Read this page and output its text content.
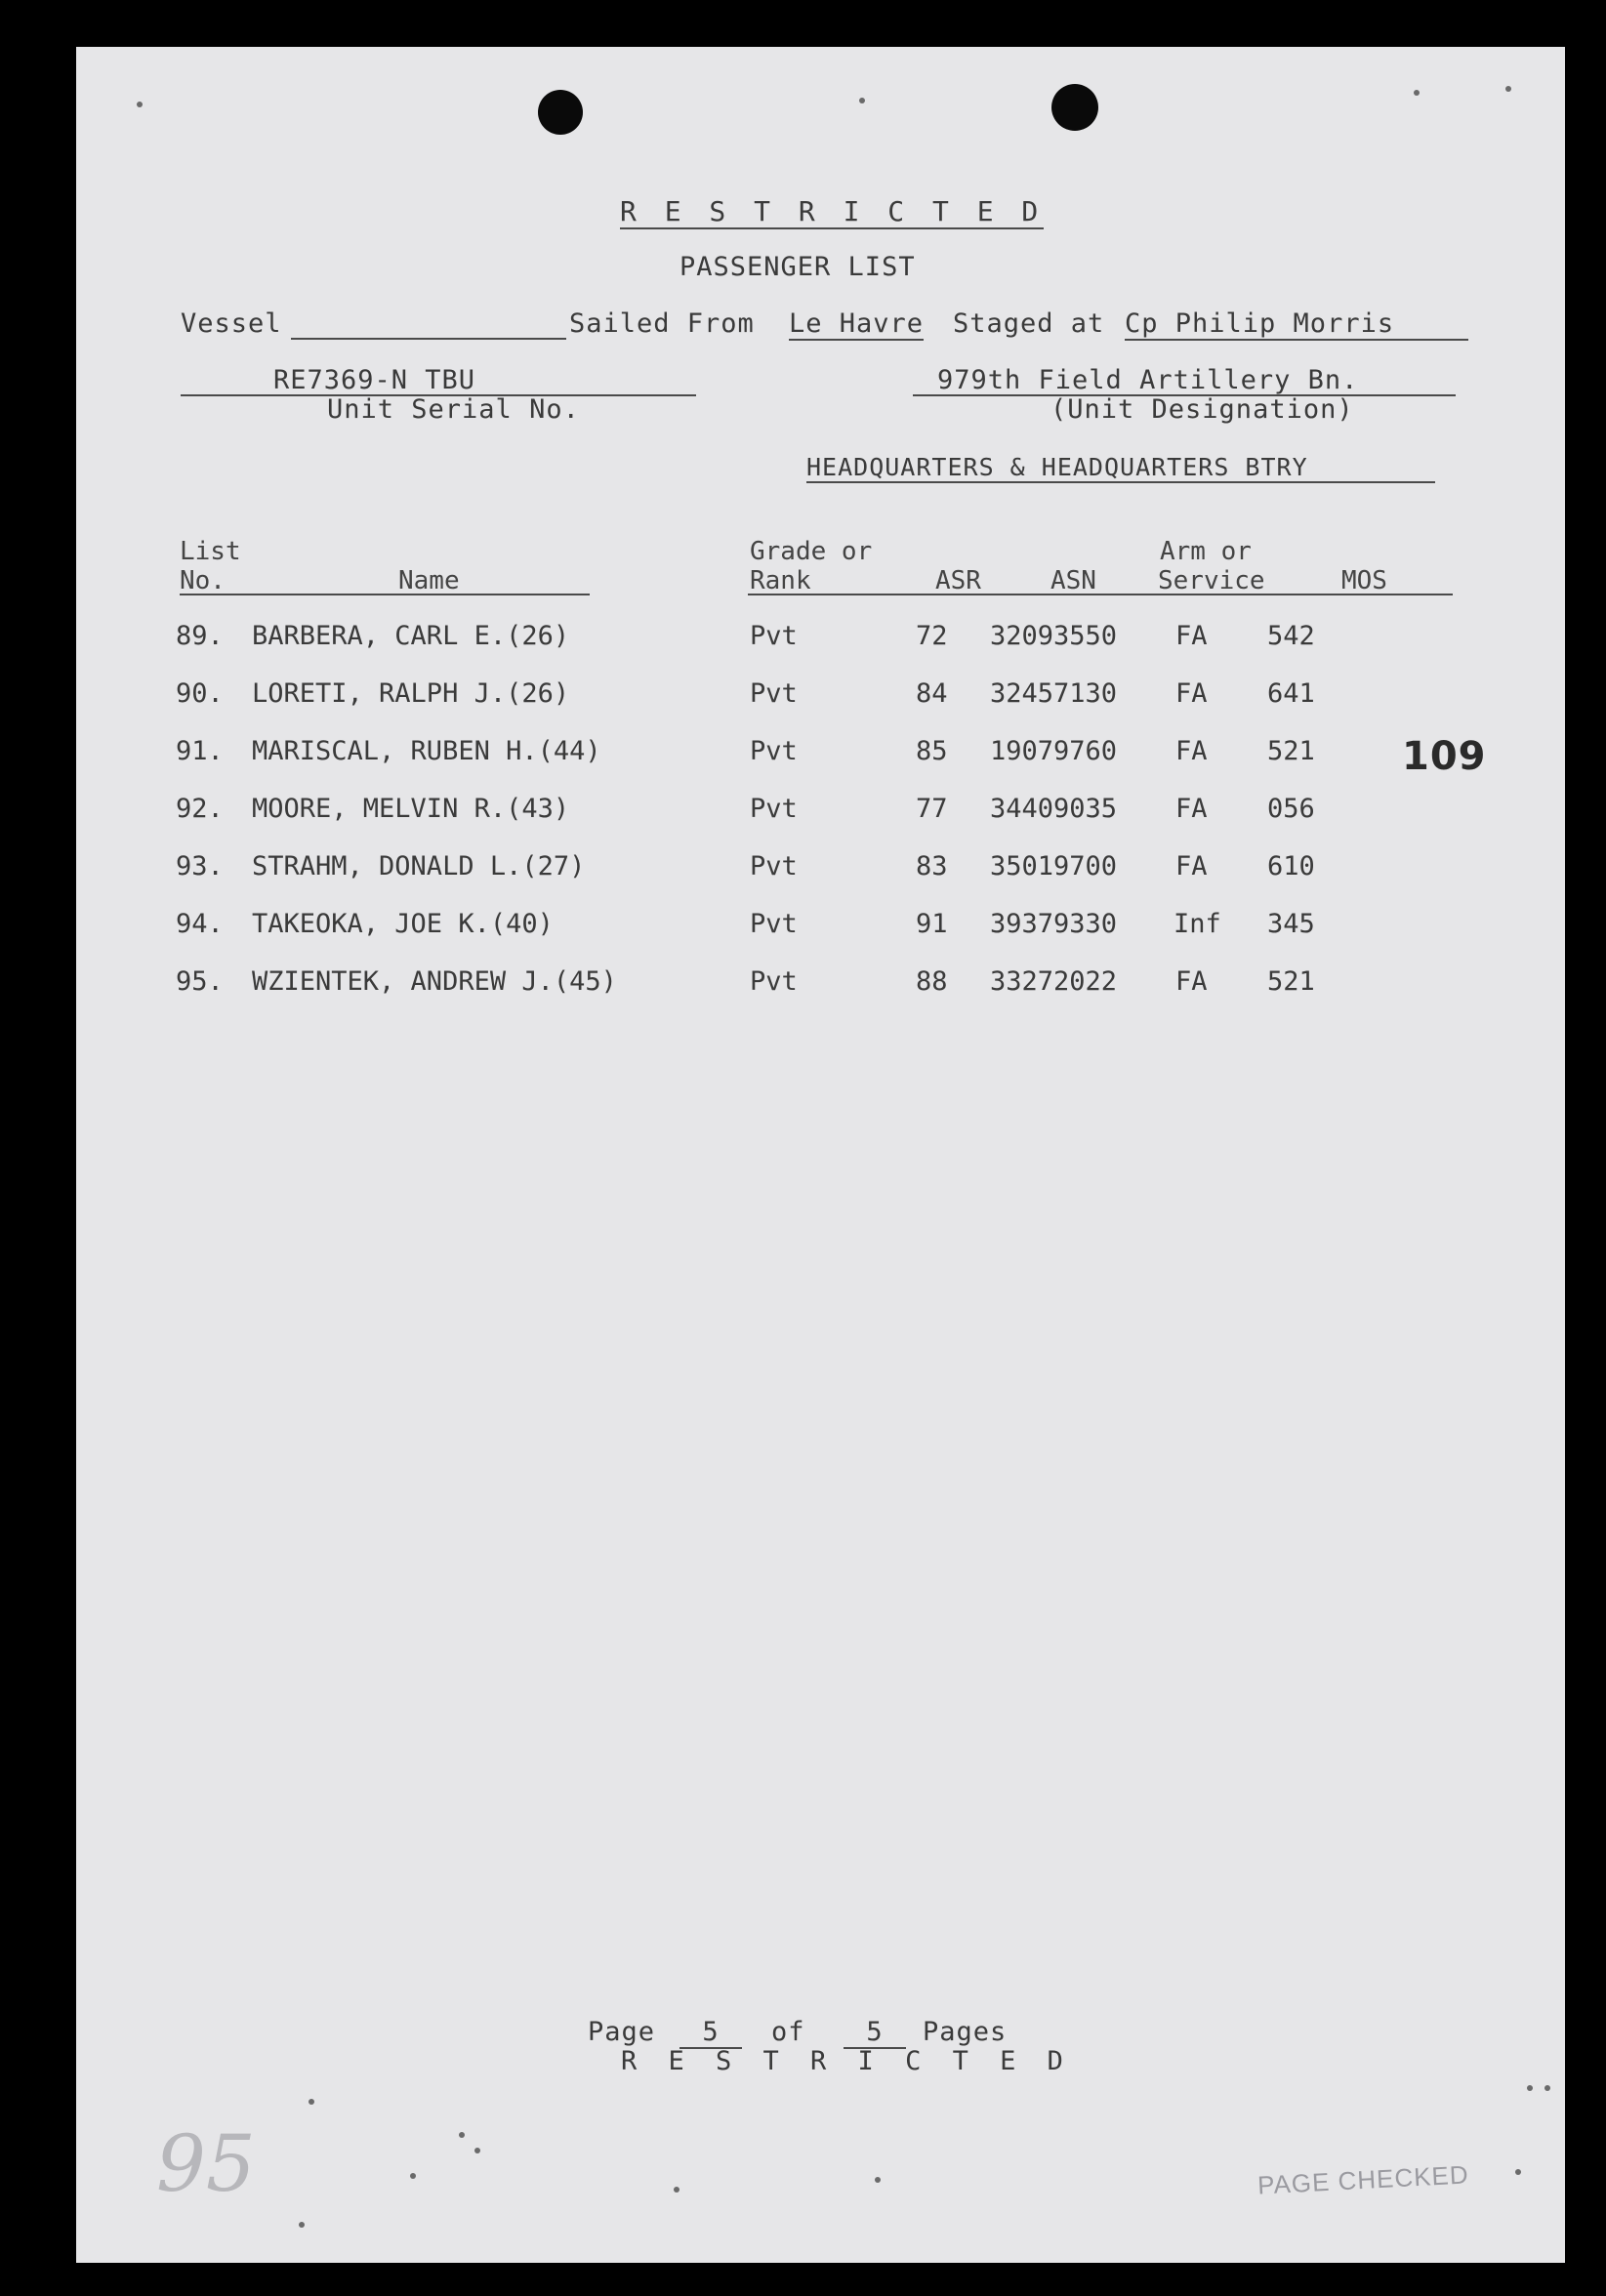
R E S T R I C T E D
PASSENGER LIST
Vessel	Sailed From Le Havre Staged at Cp Philip Morris
RE7369-N TBU
Unit Serial No.
979th Field Artillery Bn.
(Unit Designation)
HEADQUARTERS & HEADQUARTERS BTRY
List
No.	Name
Grade or
Rank	ASR	ASN
Arm or
Service	MOS
89. BARBERA, CARL E.(26)	Pvt	72 32093550 FA 542
90. LORETI, RALPH J.(26)	Pvt	84 32457130 FA 641
91. MARISCAL, RUBEN H.(44)	Pvt	85 19079760 FA 521
92. MOORE, MELVIN R.(43)	Pvt	77 34409035 FA 056
93. STRAHM, DONALD L.(27)	Pvt	83 35019700 FA 610
94. TAKEOKA, JOE K.(40)	Pvt	91 39379330 Inf 345
95. WZIENTEK, ANDREW J.(45)	Pvt	88 33272022 FA 521
109
Page	5	of	5	Pages
R E S T R I C T E D
95	PAGE CHECKED
